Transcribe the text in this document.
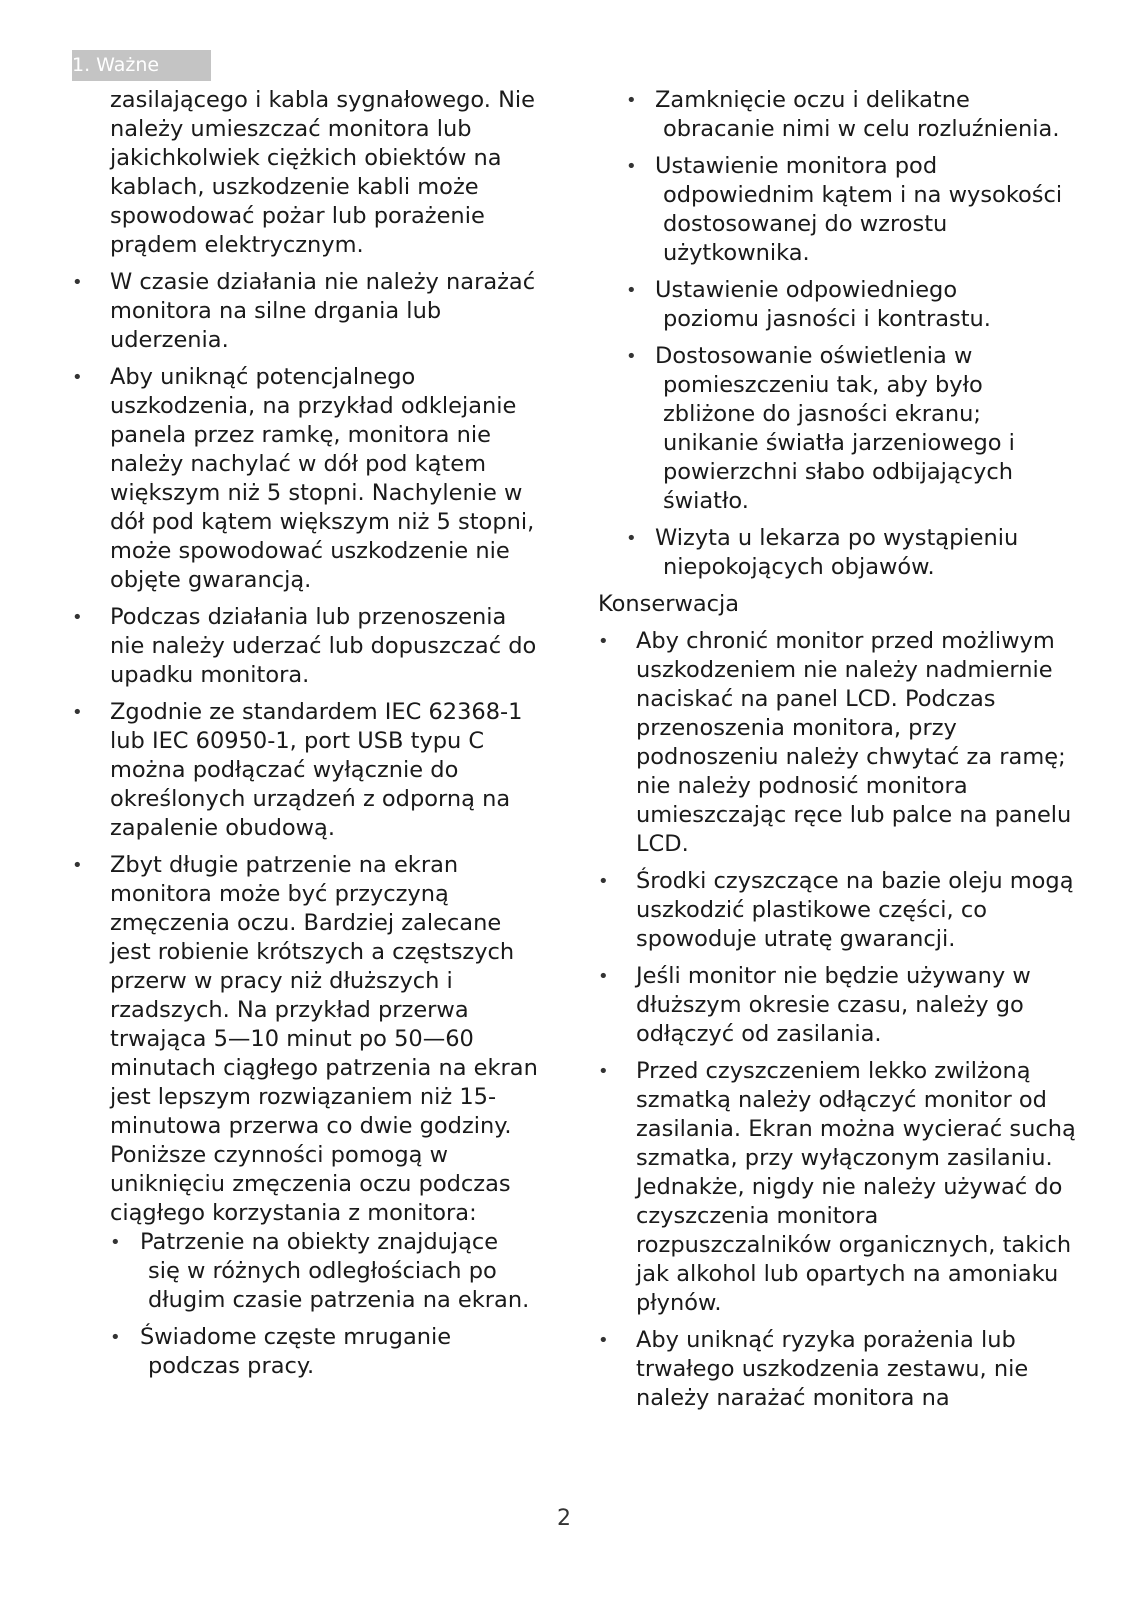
1. Ważne
zasilającego i kabla sygnałowego. Nie należy umieszczać monitora lub jakichkolwiek ciężkich obiektów na kablach, uszkodzenie kabli może spowodować pożar lub porażenie prądem elektrycznym.
• W czasie działania nie należy narażać monitora na silne drgania lub uderzenia.
• Aby uniknąć potencjalnego uszkodzenia, na przykład odklejanie panela przez ramkę, monitora nie należy nachylać w dół pod kątem większym niż 5 stopni. Nachylenie w dół pod kątem większym niż 5 stopni, może spowodować uszkodzenie nie objęte gwarancją.
• Podczas działania lub przenoszenia nie należy uderzać lub dopuszczać do upadku monitora.
• Zgodnie ze standardem IEC 62368-1 lub IEC 60950-1, port USB typu C można podłączać wyłącznie do określonych urządzeń z odporną na zapalenie obudową.
• Zbyt długie patrzenie na ekran monitora może być przyczyną zmęczenia oczu. Bardziej zalecane jest robienie krótszych a częstszych przerw w pracy niż dłuższych i rzadszych. Na przykład przerwa trwająca 5—10 minut po 50—60 minutach ciągłego patrzenia na ekran jest lepszym rozwiązaniem niż 15-minutowa przerwa co dwie godziny. Poniższe czynności pomogą w uniknięciu zmęczenia oczu podczas ciągłego korzystania z monitora:
• Patrzenie na obiekty znajdujące
się w różnych odległościach po długim czasie patrzenia na ekran.
• Świadome częste mruganie
podczas pracy.
• Zamknięcie oczu i delikatne
obracanie nimi w celu rozluźnienia.
• Ustawienie monitora pod
odpowiednim kątem i na wysokości dostosowanej do wzrostu użytkownika.
• Ustawienie odpowiedniego
poziomu jasności i kontrastu.
• Dostosowanie oświetlenia w
pomieszczeniu tak, aby było zbliżone do jasności ekranu; unikanie światła jarzeniowego i powierzchni słabo odbijających światło.
• Wizyta u lekarza po wystąpieniu
niepokojących objawów.
Konserwacja
• Aby chronić monitor przed możliwym uszkodzeniem nie należy nadmiernie naciskać na panel LCD. Podczas przenoszenia monitora, przy podnoszeniu należy chwytać za ramę; nie należy podnosić monitora umieszczając ręce lub palce na panelu LCD.
• Środki czyszczące na bazie oleju mogą uszkodzić plastikowe części, co spowoduje utratę gwarancji.
• Jeśli monitor nie będzie używany w dłuższym okresie czasu, należy go odłączyć od zasilania.
• Przed czyszczeniem lekko zwilżoną szmatką należy odłączyć monitor od zasilania. Ekran można wycierać suchą szmatka, przy wyłączonym zasilaniu. Jednakże, nigdy nie należy używać do czyszczenia monitora rozpuszczalników organicznych, takich jak alkohol lub opartych na amoniaku płynów.
• Aby uniknąć ryzyka porażenia lub trwałego uszkodzenia zestawu, nie należy narażać monitora na
2
